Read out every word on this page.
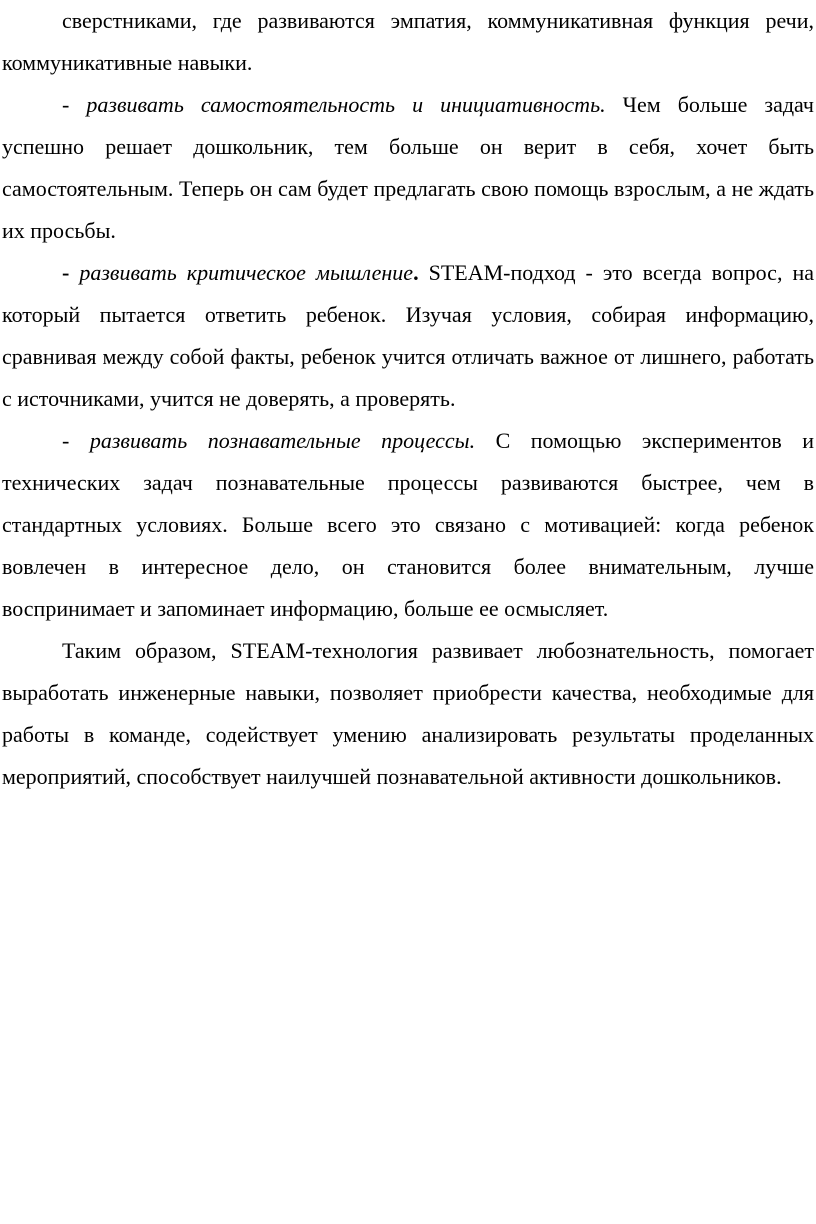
сверстниками, где развиваются эмпатия, коммуникативная функция речи, коммуникативные навыки.

- развивать самостоятельность и инициативность. Чем больше задач успешно решает дошкольник, тем больше он верит в себя, хочет быть самостоятельным. Теперь он сам будет предлагать свою помощь взрослым, а не ждать их просьбы.

- развивать критическое мышление. STEAM-подход - это всегда вопрос, на который пытается ответить ребенок. Изучая условия, собирая информацию, сравнивая между собой факты, ребенок учится отличать важное от лишнего, работать с источниками, учится не доверять, а проверять.

- развивать познавательные процессы. С помощью экспериментов и технических задач познавательные процессы развиваются быстрее, чем в стандартных условиях. Больше всего это связано с мотивацией: когда ребенок вовлечен в интересное дело, он становится более внимательным, лучше воспринимает и запоминает информацию, больше ее осмысляет.

Таким образом, STEAM-технология развивает любознательность, помогает выработать инженерные навыки, позволяет приобрести качества, необходимые для работы в команде, содействует умению анализировать результаты проделанных мероприятий, способствует наилучшей познавательной активности дошкольников.
